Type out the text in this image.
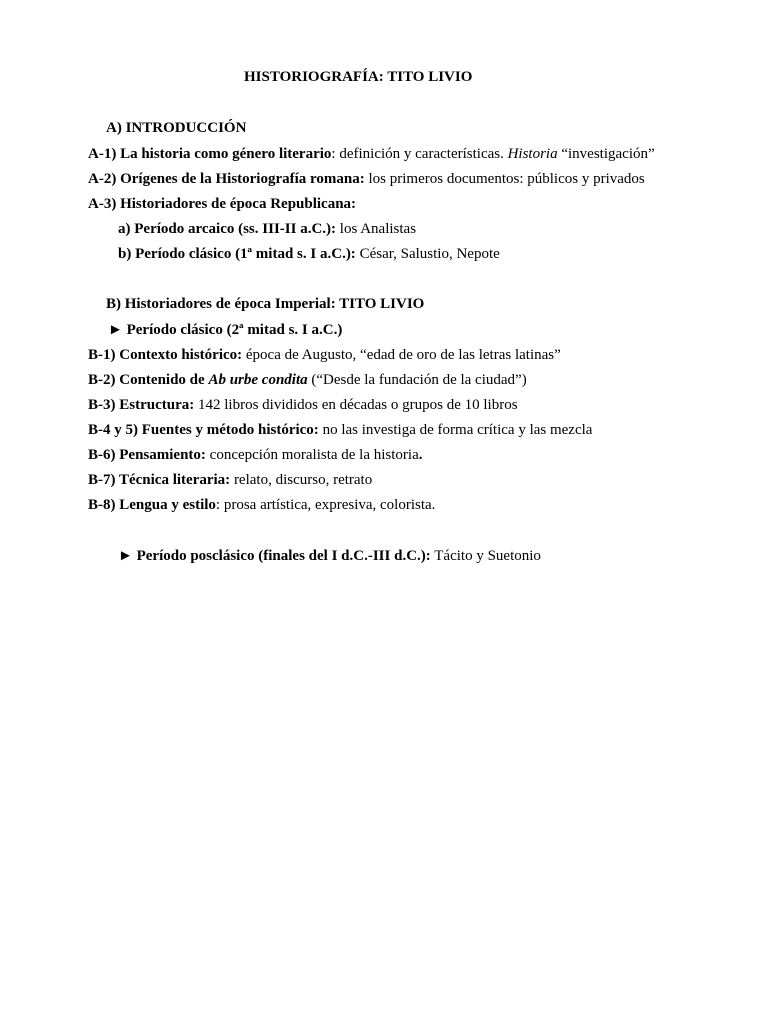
HISTORIOGRAFÍA: TITO LIVIO
A) INTRODUCCIÓN
A-1) La historia como género literario: definición y características. Historia “investigación”
A-2) Orígenes de la Historiografía romana: los primeros documentos: públicos y privados
A-3) Historiadores de época Republicana:
a) Período arcaico (ss. III-II a.C.): los Analistas
b) Período clásico (1ª mitad s. I a.C.): César, Salustio, Nepote
B) Historiadores de época Imperial: TITO LIVIO
► Período clásico (2ª mitad s. I a.C.)
B-1) Contexto histórico: época de Augusto, “edad de oro de las letras latinas”
B-2) Contenido de Ab urbe condita (“Desde la fundación de la ciudad”)
B-3) Estructura: 142 libros divididos en décadas o grupos de 10 libros
B-4 y 5) Fuentes y método histórico: no las investiga de forma crítica y las mezcla
B-6) Pensamiento: concepción moralista de la historia.
B-7) Técnica literaria: relato, discurso, retrato
B-8) Lengua y estilo: prosa artística, expresiva, colorista.
► Período posclásico (finales del I d.C.-III d.C.): Tácito y Suetonio
